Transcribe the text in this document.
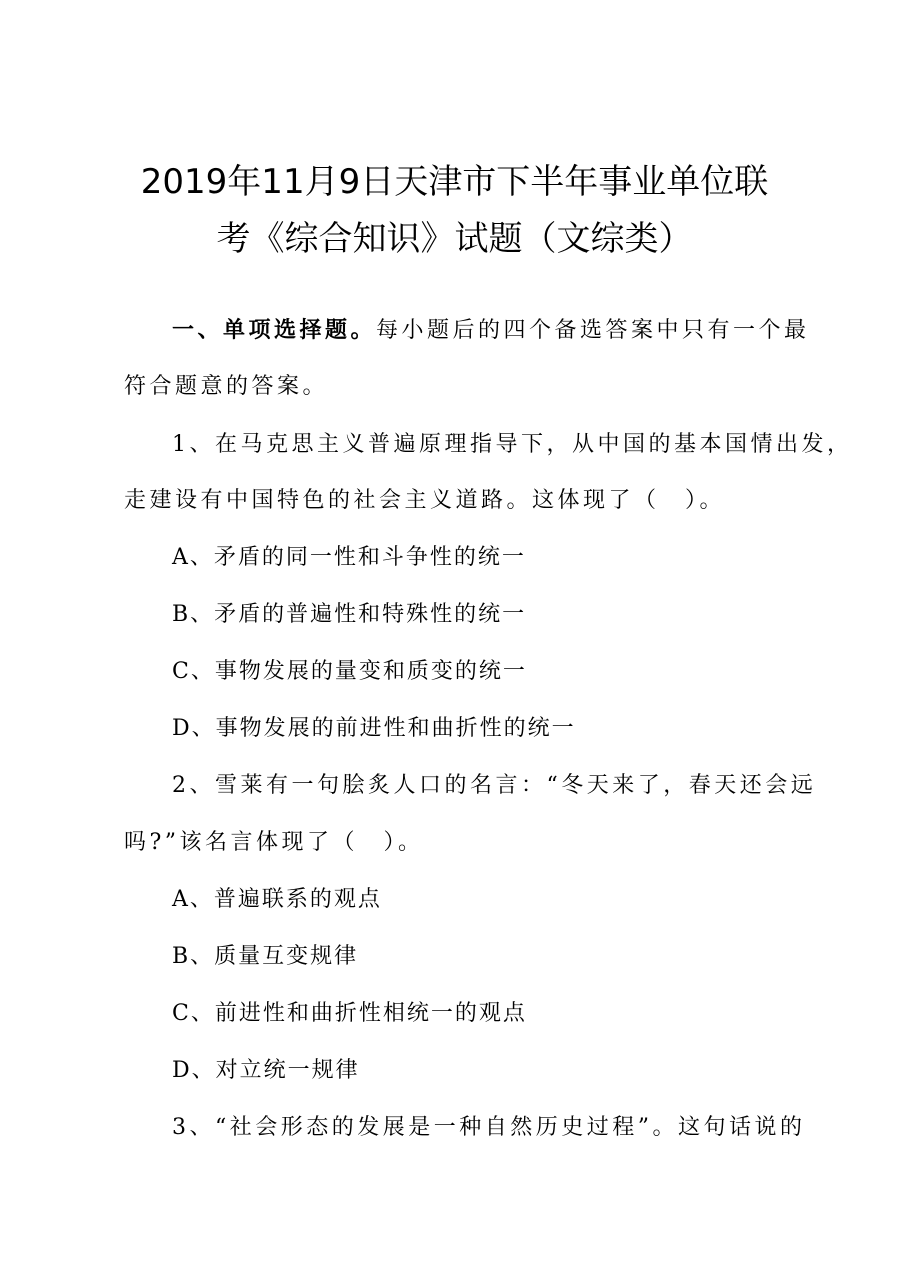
2019年11月9日天津市下半年事业单位联
考《综合知识》试题（文综类）
一、单项选择题。每小题后的四个备选答案中只有一个最
符合题意的答案。
1、在马克思主义普遍原理指导下，从中国的基本国情出发，
走建设有中国特色的社会主义道路。这体现了（　）。
A、矛盾的同一性和斗争性的统一
B、矛盾的普遍性和特殊性的统一
C、事物发展的量变和质变的统一
D、事物发展的前进性和曲折性的统一
2、雪莱有一句脍炙人口的名言：“冬天来了，春天还会远
吗?”该名言体现了（　）。
A、普遍联系的观点
B、质量互变规律
C、前进性和曲折性相统一的观点
D、对立统一规律
3、“社会形态的发展是一种自然历史过程”。这句话说的
